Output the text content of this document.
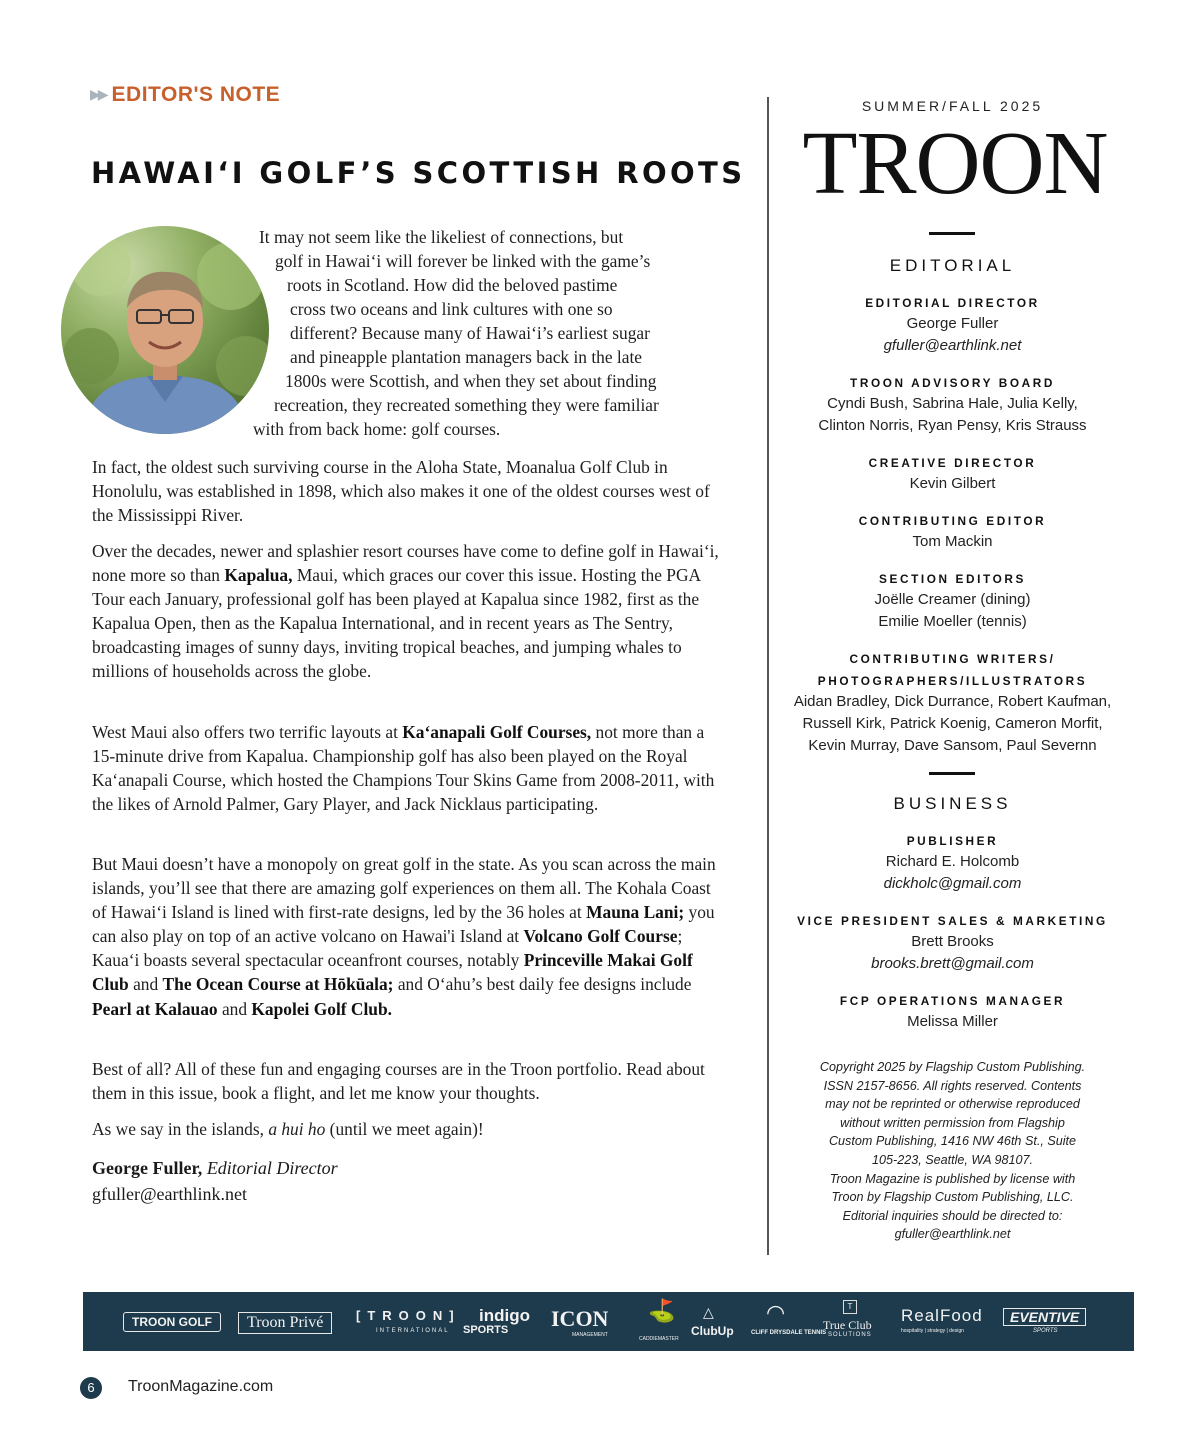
▶▶ EDITOR'S NOTE
HAWAI‘I GOLF’S SCOTTISH ROOTS
It may not seem like the likeliest of connections, but
golf in Hawai‘i will forever be linked with the game’s
roots in Scotland. How did the beloved pastime
cross two oceans and link cultures with one so
different? Because many of Hawai‘i’s earliest sugar
and pineapple plantation managers back in the late
1800s were Scottish, and when they set about finding
recreation, they recreated something they were familiar
with from back home: golf courses.

In fact, the oldest such surviving course in the Aloha State, Moanalua Golf Club in Honolulu, was established in 1898, which also makes it one of the oldest courses west of the Mississippi River.

Over the decades, newer and splashier resort courses have come to define golf in Hawai‘i, none more so than Kapalua, Maui, which graces our cover this issue. Hosting the PGA Tour each January, professional golf has been played at Kapalua since 1982, first as the Kapalua Open, then as the Kapalua International, and in recent years as The Sentry, broadcasting images of sunny days, inviting tropical beaches, and jumping whales to millions of households across the globe.

West Maui also offers two terrific layouts at Ka‘anapali Golf Courses, not more than a 15-minute drive from Kapalua. Championship golf has also been played on the Royal Ka‘anapali Course, which hosted the Champions Tour Skins Game from 2008-2011, with the likes of Arnold Palmer, Gary Player, and Jack Nicklaus participating.

But Maui doesn’t have a monopoly on great golf in the state. As you scan across the main islands, you’ll see that there are amazing golf experiences on them all. The Kohala Coast of Hawai‘i Island is lined with first-rate designs, led by the 36 holes at Mauna Lani; you can also play on top of an active volcano on Hawai'i Island at Volcano Golf Course; Kaua‘i boasts several spectacular oceanfront courses, notably Princeville Makai Golf Club and The Ocean Course at Hōkūala; and O‘ahu’s best daily fee designs include Pearl at Kalauao and Kapolei Golf Club.

Best of all? All of these fun and engaging courses are in the Troon portfolio. Read about them in this issue, book a flight, and let me know your thoughts.

As we say in the islands, a hui ho (until we meet again)!

George Fuller, Editorial Director
gfuller@earthlink.net
SUMMER/FALL 2025
TROON
EDITORIAL
EDITORIAL DIRECTOR
George Fuller
gfuller@earthlink.net
TROON ADVISORY BOARD
Cyndi Bush, Sabrina Hale, Julia Kelly,
Clinton Norris, Ryan Pensy, Kris Strauss
CREATIVE DIRECTOR
Kevin Gilbert
CONTRIBUTING EDITOR
Tom Mackin
SECTION EDITORS
Joëlle Creamer (dining)
Emilie Moeller (tennis)
CONTRIBUTING WRITERS/
PHOTOGRAPHERS/ILLUSTRATORS
Aidan Bradley, Dick Durrance, Robert Kaufman,
Russell Kirk, Patrick Koenig, Cameron Morfit,
Kevin Murray, Dave Sansom, Paul Severnn
BUSINESS
PUBLISHER
Richard E. Holcomb
dickholc@gmail.com
VICE PRESIDENT SALES & MARKETING
Brett Brooks
brooks.brett@gmail.com
FCP OPERATIONS MANAGER
Melissa Miller
Copyright 2025 by Flagship Custom Publishing.
ISSN 2157-8656. All rights reserved. Contents
may not be reprinted or otherwise reproduced
without written permission from Flagship
Custom Publishing, 1416 NW 46th St., Suite
105-223, Seattle, WA 98107.
Troon Magazine is published by license with
Troon by Flagship Custom Publishing, LLC.
Editorial inquiries should be directed to:
gfuller@earthlink.net
TROON GOLF	Troon Privé	[TROON]
INTERNATIONAL
indigo
SPORTS ICON
MANAGEMENT
⛳
CADDIEMASTER
△
ClubUp
◠
CLIFF DRYSDALE TENNIS
T
True Club
SOLUTIONS
RealFood
hospitality | strategy | design
EVENTIVE
SPORTS
6	TroonMagazine.com
